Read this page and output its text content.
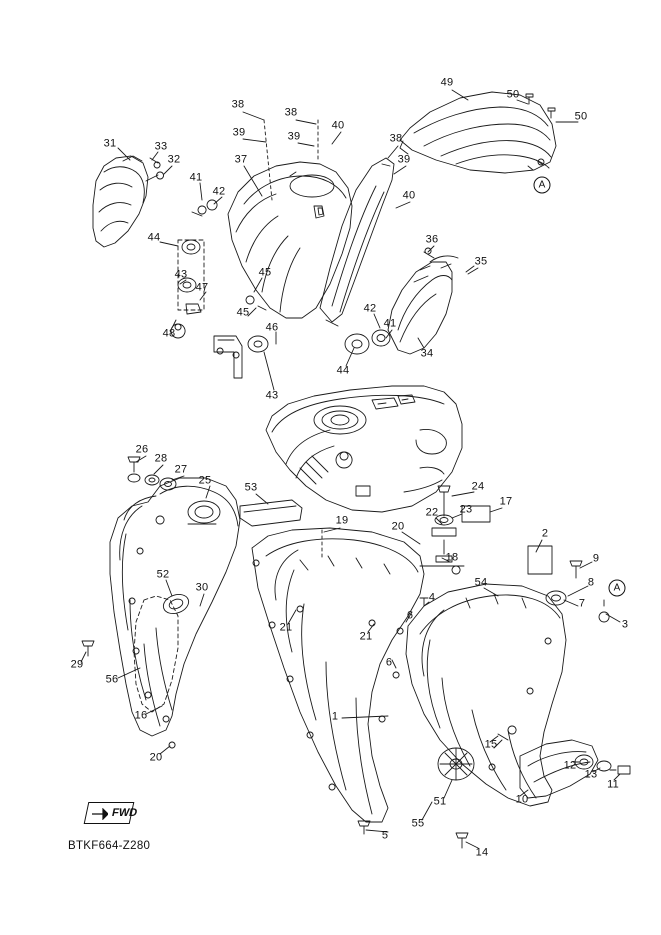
FWD
BTKF664-Z280
A
A
31	33
32
41
42
37
38
39
38
39
40
38
39
40
49
50
50
36
35
42
41
34
44
43
47
48
45
45
46
43
44
26
28
27
25
53
19
24
17
23
22
20
18
2
9
8
7
3
54
52
30
21
21
6
4
6
29
56
16
20
1
15
12
13
11
10
51
55
5
14
